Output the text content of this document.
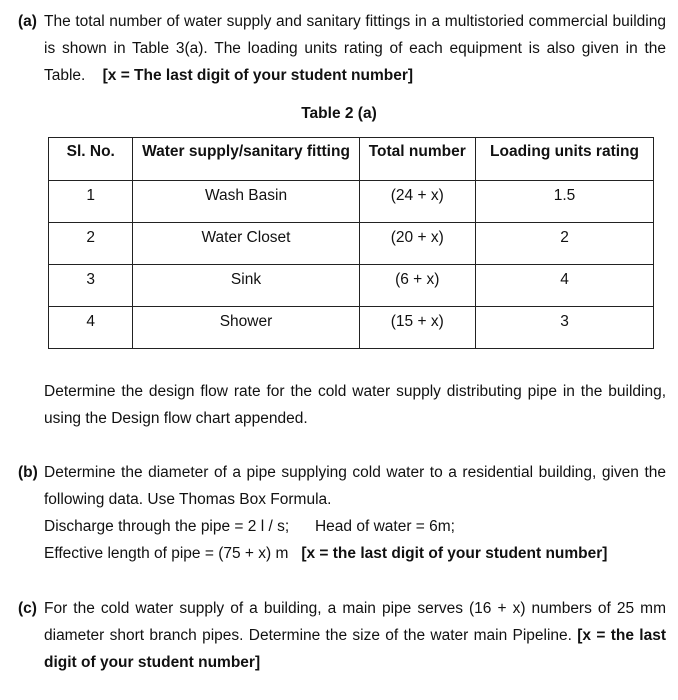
(a) The total number of water supply and sanitary fittings in a multistoried commercial building is shown in Table 3(a). The loading units rating of each equipment is also given in the Table. [x = The last digit of your student number]
Table 2 (a)
Sl. No.	Water supply/sanitary fitting	Total number	Loading units rating
1	Wash Basin	(24 + x)	1.5
2	Water Closet	(20 + x)	2
3	Sink	(6 + x)	4
4	Shower	(15 + x)	3
Determine the design flow rate for the cold water supply distributing pipe in the building, using the Design flow chart appended.
(b) Determine the diameter of a pipe supplying cold water to a residential building, given the following data. Use Thomas Box Formula.
Discharge through the pipe = 2 l / s; Head of water = 6m;
Effective length of pipe = (75 + x) m [x = the last digit of your student number]
(c) For the cold water supply of a building, a main pipe serves (16 + x) numbers of 25 mm diameter short branch pipes. Determine the size of the water main Pipeline. [x = the last digit of your student number]
